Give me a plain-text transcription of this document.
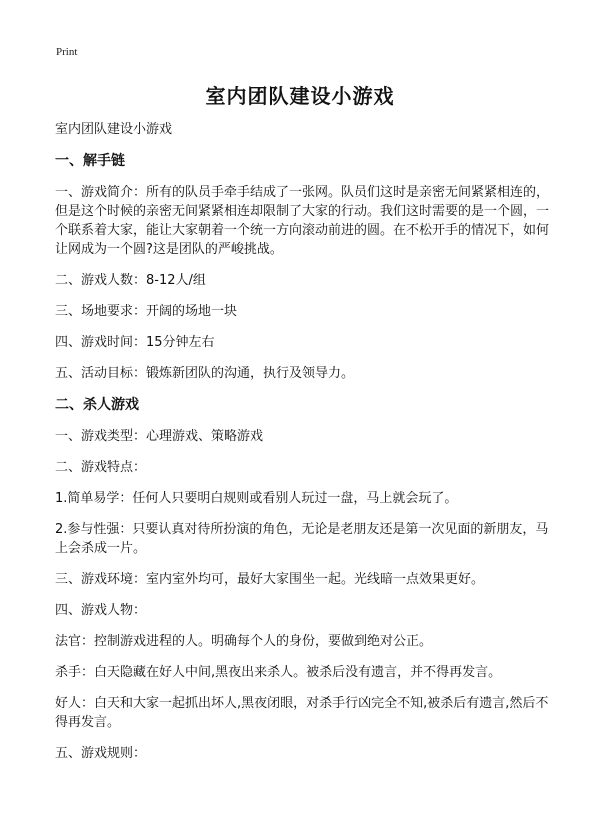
Print
室内团队建设小游戏

室内团队建设小游戏

一、解手链

一、游戏简介：所有的队员手牵手结成了一张网。队员们这时是亲密无间紧紧相连的，但是这个时候的亲密无间紧紧相连却限制了大家的行动。我们这时需要的是一个圆，一个联系着大家，能让大家朝着一个统一方向滚动前进的圆。在不松开手的情况下，如何让网成为一个圆?这是团队的严峻挑战。

二、游戏人数：8-12人/组

三、场地要求：开阔的场地一块

四、游戏时间：15分钟左右

五、活动目标：锻炼新团队的沟通，执行及领导力。

二、杀人游戏

一、游戏类型：心理游戏、策略游戏

二、游戏特点：

1.简单易学：任何人只要明白规则或看别人玩过一盘，马上就会玩了。

2.参与性强：只要认真对待所扮演的角色，无论是老朋友还是第一次见面的新朋友，马上会杀成一片。

三、游戏环境：室内室外均可，最好大家围坐一起。光线暗一点效果更好。

四、游戏人物：

法官：控制游戏进程的人。明确每个人的身份，要做到绝对公正。

杀手：白天隐藏在好人中间,黑夜出来杀人。被杀后没有遗言，并不得再发言。

好人：白天和大家一起抓出坏人,黑夜闭眼，对杀手行凶完全不知,被杀后有遗言,然后不得再发言。

五、游戏规则：
